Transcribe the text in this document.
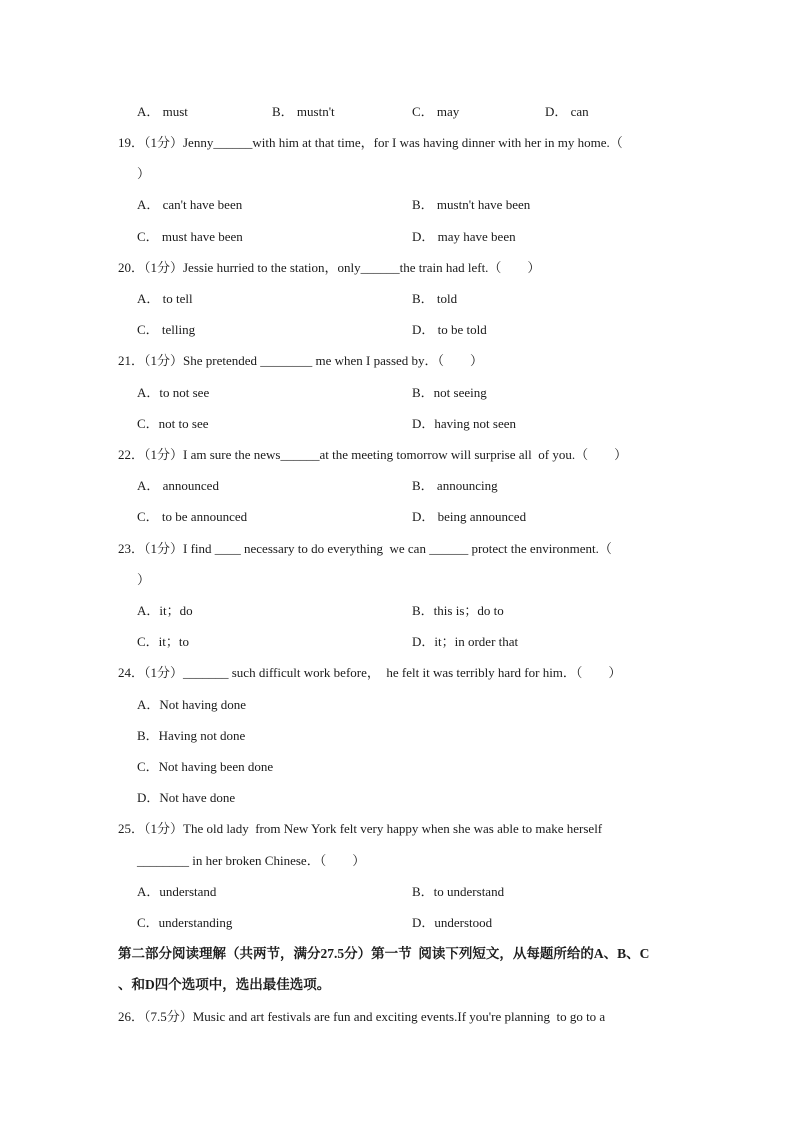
A． must	B． mustn't	C． may	D． can
19．（1分）Jenny______with him at that time，for I was having dinner with her in my home.（
）
A． can't have been	B． mustn't have been
C． must have been	D． may have been
20．（1分）Jessie hurried to the station，only______the train had left.（　　）
A． to tell	B． told
C． telling	D． to be told
21．（1分）She pretended ________ me when I passed by．（　　）
A．to not see	B．not seeing
C．not to see	D．having not seen
22．（1分）I am sure the news______at the meeting tomorrow will surprise all  of you.（　　）
A． announced	B． announcing
C． to be announced	D． being announced
23．（1分）I find ____ necessary to do everything  we can ______ protect the environment.（
）
A．it；do	B．this is；do to
C．it；to	D．it；in order that
24．（1分）_______ such difficult work before，  he felt it was terribly hard for him．（　　）
A．Not having done
B．Having not done
C．Not having been done
D．Not have done
25．（1分）The old lady  from New York felt very happy when she was able to make herself
________ in her broken Chinese．（　　）
A．understand	B．to understand
C．understanding	D．understood
第二部分阅读理解（共两节，满分27.5分）第一节  阅读下列短文，从每题所给的A、B、C
、和D四个选项中，选出最佳选项。
26．（7.5分）Music and art festivals are fun and exciting events.If you're planning  to go to a
